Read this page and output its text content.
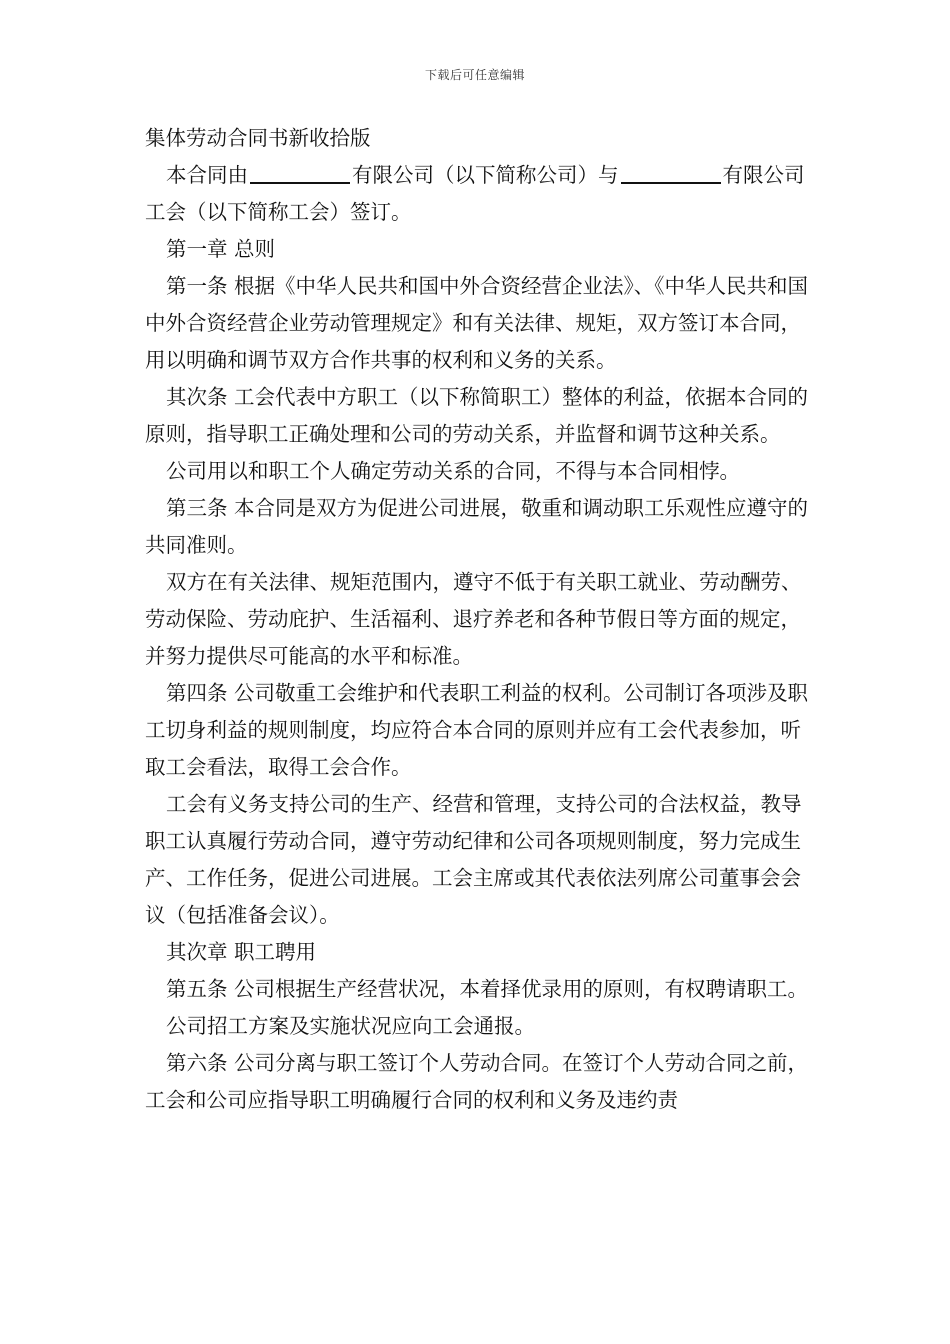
下载后可任意编辑

集体劳动合同书新收拾版

本合同由	有限公司（以下简称公司）与	有限公司工会（以下简称工会）签订。

第一章 总则

第一条 根据《中华人民共和国中外合资经营企业法》、《中华人民共和国中外合资经营企业劳动管理规定》和有关法律、规矩，双方签订本合同，用以明确和调节双方合作共事的权利和义务的关系。

其次条 工会代表中方职工（以下称简职工）整体的利益，依据本合同的原则，指导职工正确处理和公司的劳动关系，并监督和调节这种关系。

公司用以和职工个人确定劳动关系的合同，不得与本合同相悖。

第三条 本合同是双方为促进公司进展，敬重和调动职工乐观性应遵守的共同准则。

双方在有关法律、规矩范围内，遵守不低于有关职工就业、劳动酬劳、劳动保险、劳动庇护、生活福利、退疗养老和各种节假日等方面的规定，并努力提供尽可能高的水平和标准。

第四条 公司敬重工会维护和代表职工利益的权利。公司制订各项涉及职工切身利益的规则制度，均应符合本合同的原则并应有工会代表参加，听取工会看法，取得工会合作。

工会有义务支持公司的生产、经营和管理，支持公司的合法权益，教导职工认真履行劳动合同，遵守劳动纪律和公司各项规则制度，努力完成生产、工作任务，促进公司进展。工会主席或其代表依法列席公司董事会会议（包括准备会议）。

其次章 职工聘用

第五条 公司根据生产经营状况，本着择优录用的原则，有权聘请职工。

公司招工方案及实施状况应向工会通报。

第六条 公司分离与职工签订个人劳动合同。在签订个人劳动合同之前，工会和公司应指导职工明确履行合同的权利和义务及违约责
